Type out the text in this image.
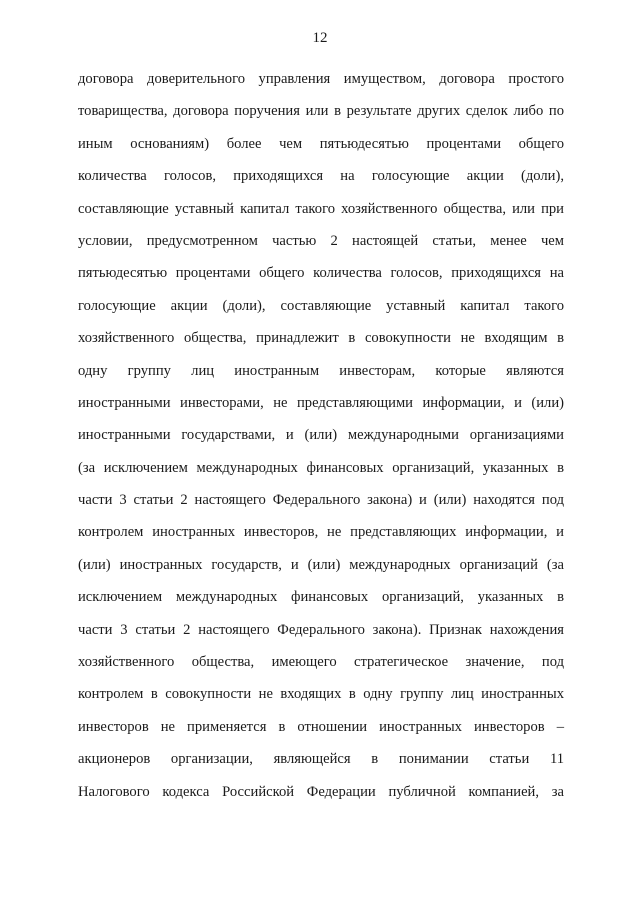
12
договора доверительного управления имуществом, договора простого
товарищества, договора поручения или в результате других сделок либо по
иным основаниям) более чем пятьюдесятью процентами общего
количества голосов, приходящихся на голосующие акции (доли),
составляющие уставный капитал такого хозяйственного общества, или при
условии, предусмотренном частью 2 настоящей статьи, менее чем
пятьюдесятью процентами общего количества голосов, приходящихся на
голосующие акции (доли), составляющие уставный капитал такого
хозяйственного общества, принадлежит в совокупности не входящим в
одну группу лиц иностранным инвесторам, которые являются
иностранными инвесторами, не представляющими информации, и (или)
иностранными государствами, и (или) международными организациями
(за исключением международных финансовых организаций, указанных в
части 3 статьи 2 настоящего Федерального закона) и (или) находятся под
контролем иностранных инвесторов, не представляющих информации, и
(или) иностранных государств, и (или) международных организаций (за
исключением международных финансовых организаций, указанных в
части 3 статьи 2 настоящего Федерального закона). Признак нахождения
хозяйственного общества, имеющего стратегическое значение, под
контролем в совокупности не входящих в одну группу лиц иностранных
инвесторов не применяется в отношении иностранных инвесторов –
акционеров организации, являющейся в понимании статьи 11
Налогового кодекса Российской Федерации публичной компанией, за
